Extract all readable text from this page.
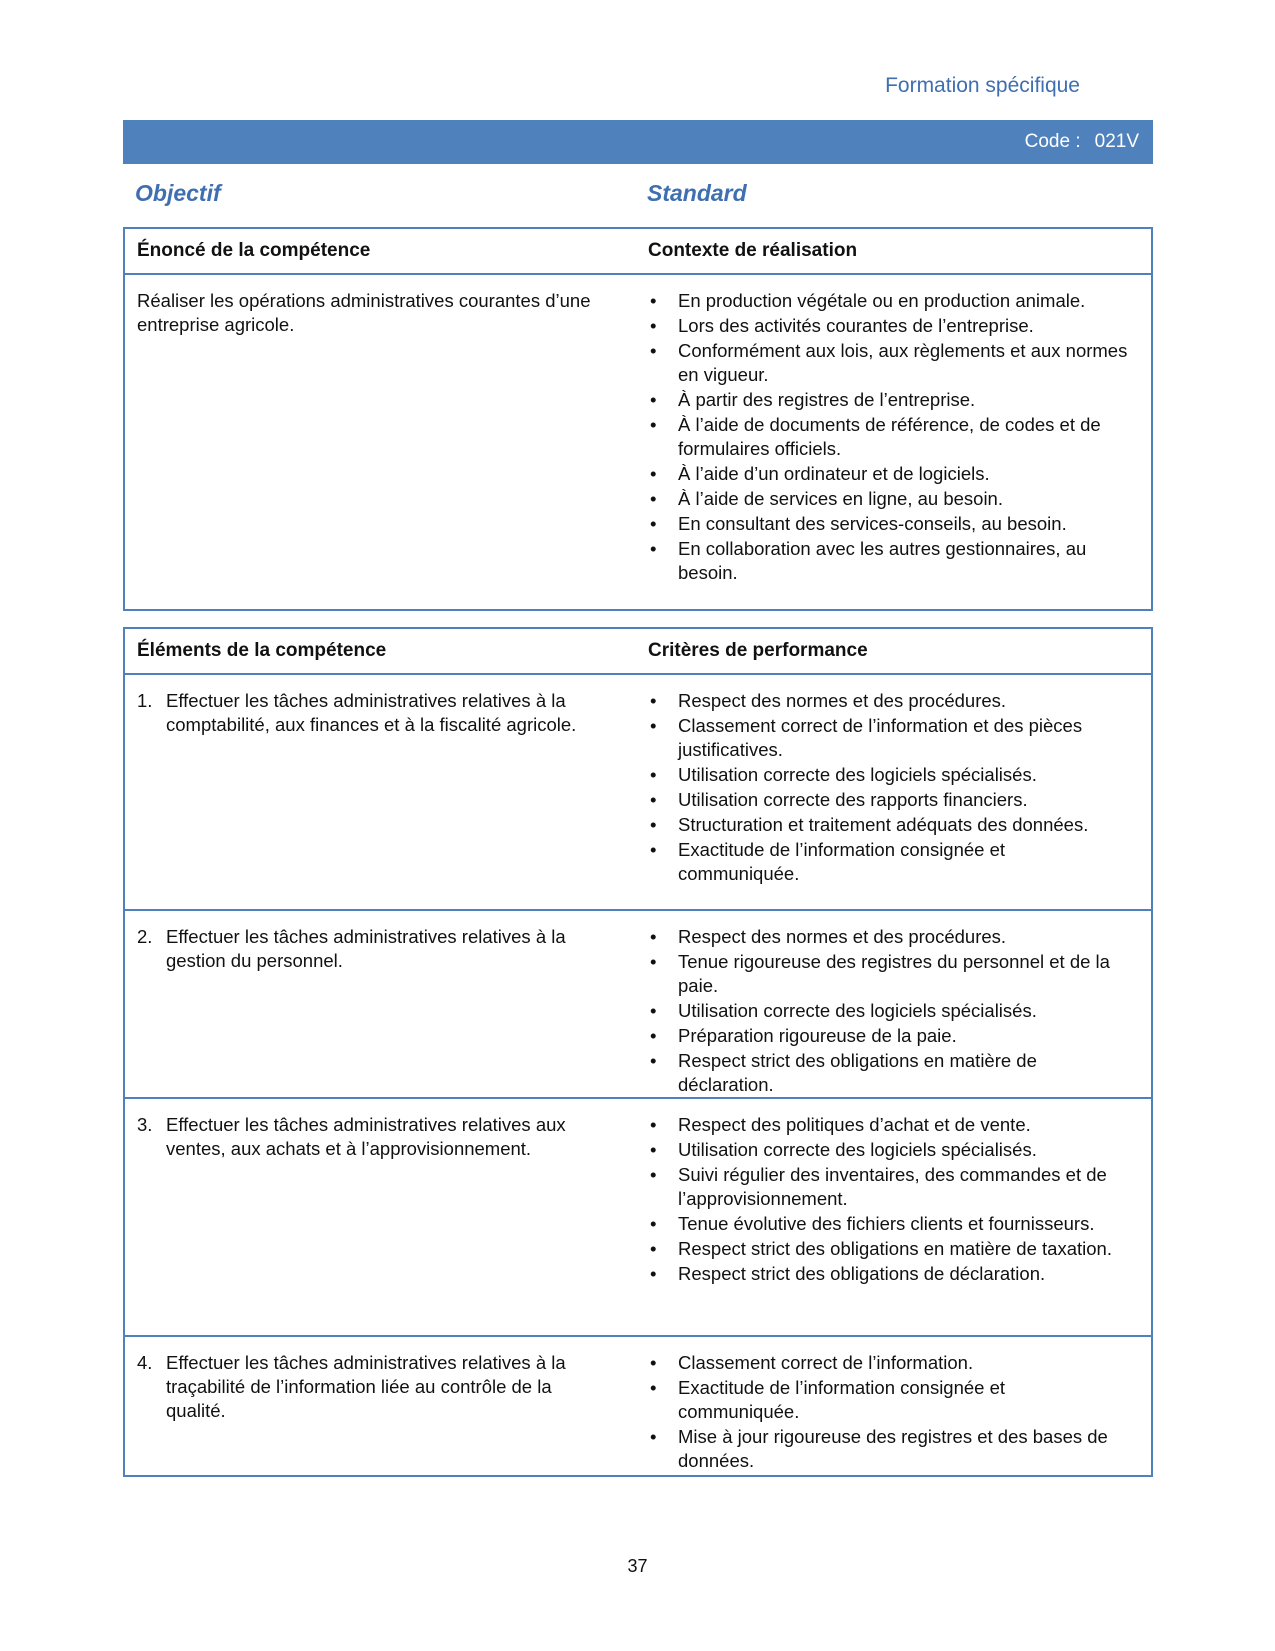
Formation spécifique
Code : 021V
Objectif	Standard
Énoncé de la compétence	Contexte de réalisation
Réaliser les opérations administratives courantes d’une entreprise agricole.
• En production végétale ou en production animale.
• Lors des activités courantes de l’entreprise.
• Conformément aux lois, aux règlements et aux normes en vigueur.
• À partir des registres de l’entreprise.
• À l’aide de documents de référence, de codes et de formulaires officiels.
• À l’aide d’un ordinateur et de logiciels.
• À l’aide de services en ligne, au besoin.
• En consultant des services-conseils, au besoin.
• En collaboration avec les autres gestionnaires, au besoin.
Éléments de la compétence	Critères de performance
1. Effectuer les tâches administratives relatives à la comptabilité, aux finances et à la fiscalité agricole.
• Respect des normes et des procédures.
• Classement correct de l’information et des pièces justificatives.
• Utilisation correcte des logiciels spécialisés.
• Utilisation correcte des rapports financiers.
• Structuration et traitement adéquats des données.
• Exactitude de l’information consignée et communiquée.
2. Effectuer les tâches administratives relatives à la gestion du personnel.
• Respect des normes et des procédures.
• Tenue rigoureuse des registres du personnel et de la paie.
• Utilisation correcte des logiciels spécialisés.
• Préparation rigoureuse de la paie.
• Respect strict des obligations en matière de déclaration.
3. Effectuer les tâches administratives relatives aux ventes, aux achats et à l’approvisionnement.
• Respect des politiques d’achat et de vente.
• Utilisation correcte des logiciels spécialisés.
• Suivi régulier des inventaires, des commandes et de l’approvisionnement.
• Tenue évolutive des fichiers clients et fournisseurs.
• Respect strict des obligations en matière de taxation.
• Respect strict des obligations de déclaration.
4. Effectuer les tâches administratives relatives à la traçabilité de l’information liée au contrôle de la qualité.
• Classement correct de l’information.
• Exactitude de l’information consignée et communiquée.
• Mise à jour rigoureuse des registres et des bases de données.
37
